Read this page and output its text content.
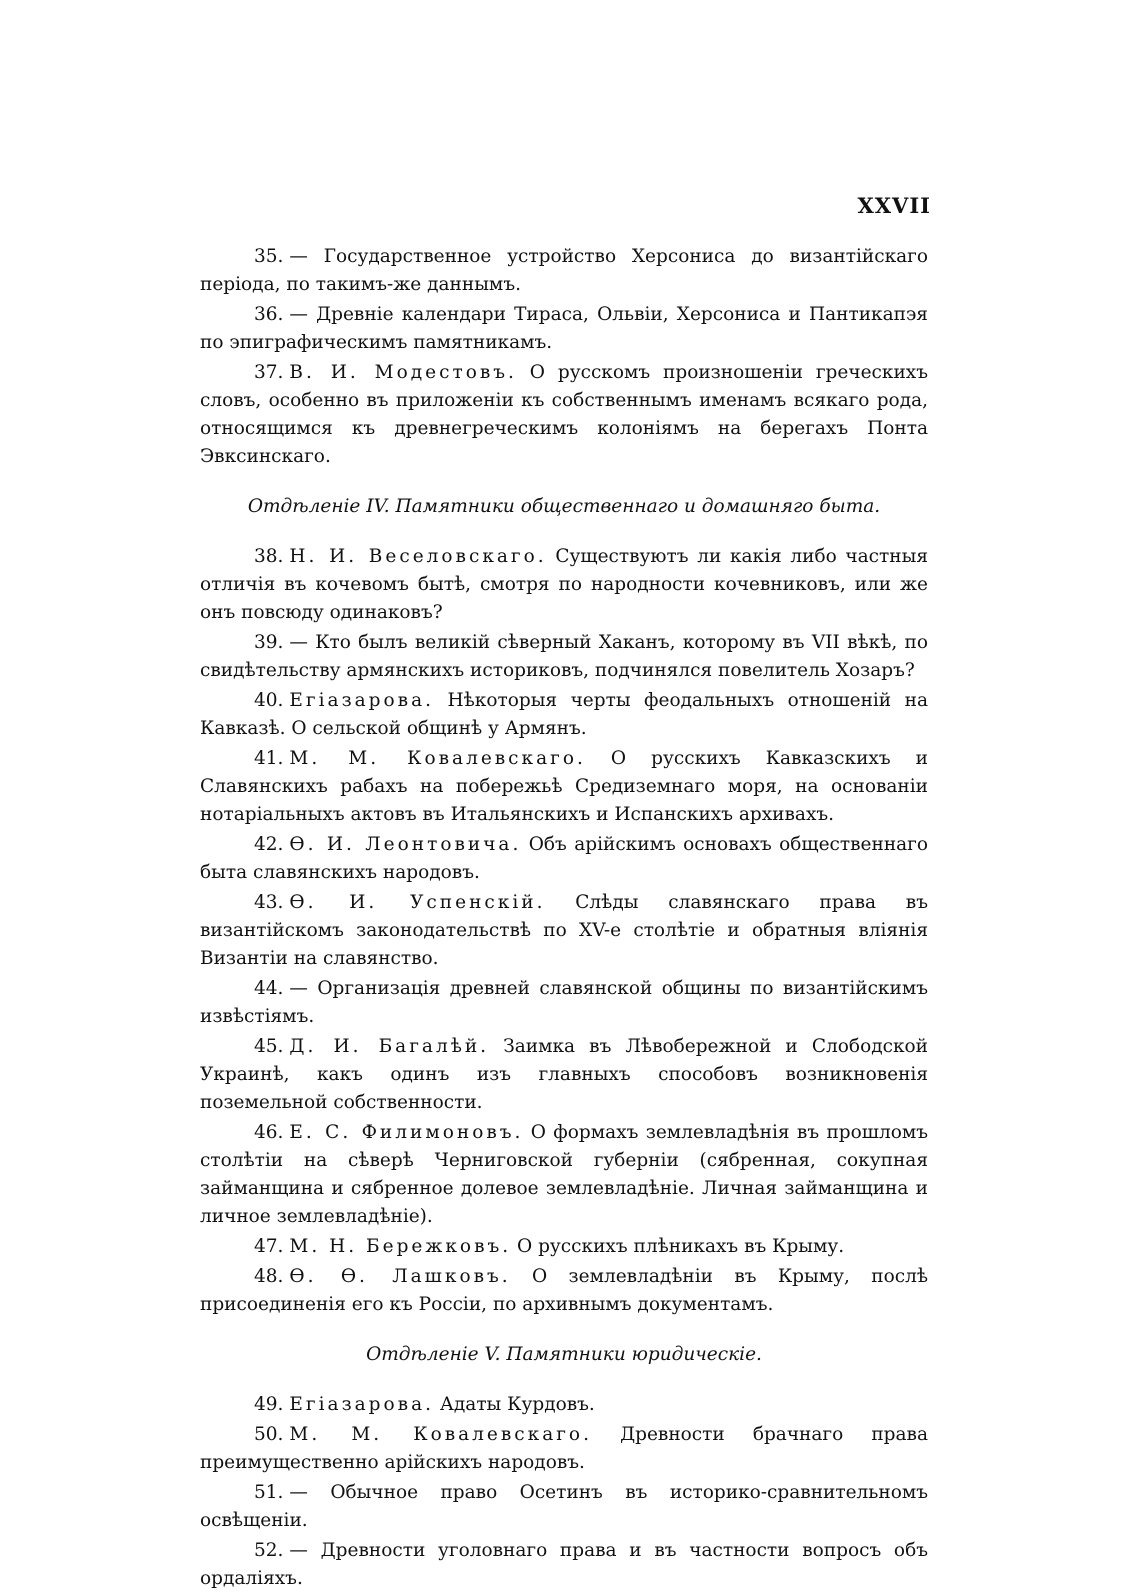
XXVII

35. — Государственное устройство Херсониса до византійскаго періода, по такимъ-же даннымъ.

36. — Древніе календари Тираса, Ольвіи, Херсониса и Пантикапэя по эпиграфическимъ памятникамъ.

37. В. И. Модестовъ. О русскомъ произношеніи греческихъ словъ, особенно въ приложеніи къ собственнымъ именамъ всякаго рода, относящимся къ древнегреческимъ колоніямъ на берегахъ Понта Эвксинскаго.

Отдѣленіе IV. Памятники общественнаго и домашняго быта.

38. Н. И. Веселовскаго. Существуютъ ли какія либо частныя отличія въ кочевомъ бытѣ, смотря по народности кочевниковъ, или же онъ повсюду одинаковъ?

39. — Кто былъ великій сѣверный Хаканъ, которому въ VII вѣкѣ, по свидѣтельству армянскихъ историковъ, подчинялся повелитель Хозаръ?

40. Егіазарова. Нѣкоторыя черты феодальныхъ отношеній на Кавказѣ. О сельской общинѣ у Армянъ.

41. М. М. Ковалевскаго. О русскихъ Кавказскихъ и Славянскихъ рабахъ на побережьѣ Средиземнаго моря, на основаніи нотаріальныхъ актовъ въ Итальянскихъ и Испанскихъ архивахъ.

42. Ѳ. И. Леонтовича. Объ арійскимъ основахъ общественнаго быта славянскихъ народовъ.

43. Ѳ. И. Успенскій. Слѣды славянскаго права въ византійскомъ законодательствѣ по XV-е столѣтіе и обратныя вліянія Византіи на славянство.

44. — Организація древней славянской общины по византійскимъ извѣстіямъ.

45. Д. И. Багалѣй. Заимка въ Лѣвобережной и Слободской Украинѣ, какъ одинъ изъ главныхъ способовъ возникновенія поземельной собственности.

46. Е. С. Филимоновъ. О формахъ землевладѣнія въ прошломъ столѣтіи на сѣверѣ Черниговской губерніи (сябренная, сокупная займанщина и сябренное долевое землевладѣніе. Личная займанщина и личное землевладѣніе).

47. М. Н. Бережковъ. О русскихъ плѣникахъ въ Крыму.

48. Ѳ. Ѳ. Лашковъ. О землевладѣніи въ Крыму, послѣ присоединенія его къ Россіи, по архивнымъ документамъ.

Отдѣленіе V. Памятники юридическіе.

49. Егіазарова. Адаты Курдовъ.

50. М. М. Ковалевскаго. Древности брачнаго права преимущественно арійскихъ народовъ.

51. — Обычное право Осетинъ въ историко-сравнительномъ освѣщеніи.

52. — Древности уголовнаго права и въ частности вопросъ объ ордаліяхъ.
